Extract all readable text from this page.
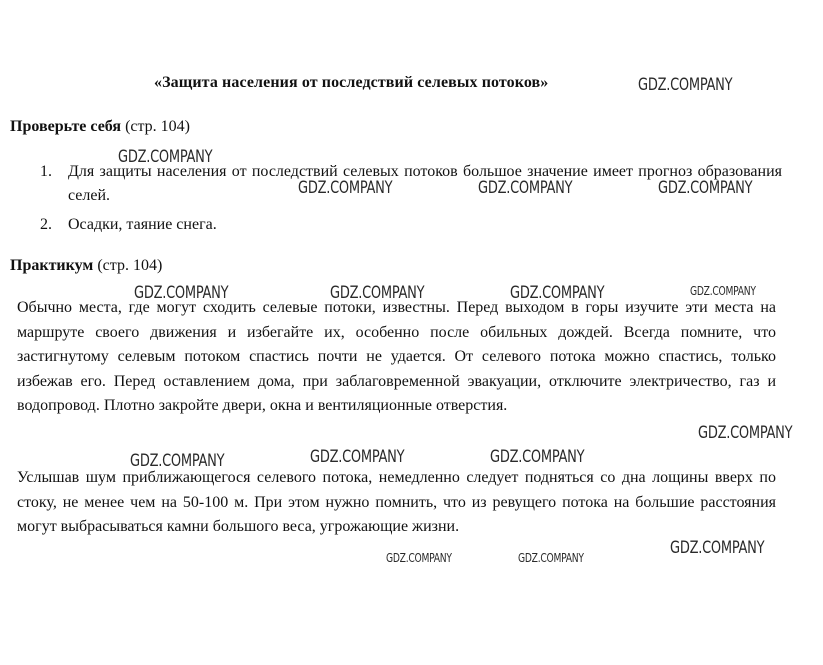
«Защита населения от последствий селевых потоков»
Проверьте себя (стр. 104)
1. Для защиты населения от последствий селевых потоков большое значение имеет прогноз образования селей.
2. Осадки, таяние снега.
Практикум (стр. 104)

Обычно места, где могут сходить селевые потоки, известны. Перед выходом в горы изучите эти места на маршруте своего движения и избегайте их, особенно после обильных дождей. Всегда помните, что застигнутому селевым потоком спастись почти не удается. От селевого потока можно спастись, только избежав его. Перед оставлением дома, при заблаговременной эвакуации, отключите электричество, газ и водопровод. Плотно закройте двери, окна и вентиляционные отверстия.

Услышав шум приближающегося селевого потока, немедленно следует подняться со дна лощины вверх по стоку, не менее чем на 50-100 м. При этом нужно помнить, что из ревущего потока на большие расстояния могут выбрасываться камни большого веса, угрожающие жизни.

GDZ.COMPANY
GDZ.COMPANY
GDZ.COMPANY	GDZ.COMPANY	GDZ.COMPANY
GDZ.COMPANY	GDZ.COMPANY	GDZ.COMPANY	GDZ.COMPANY
GDZ.COMPANY
GDZ.COMPANY	GDZ.COMPANY	GDZ.COMPANY
GDZ.COMPANY
GDZ.COMPANY	GDZ.COMPANY
